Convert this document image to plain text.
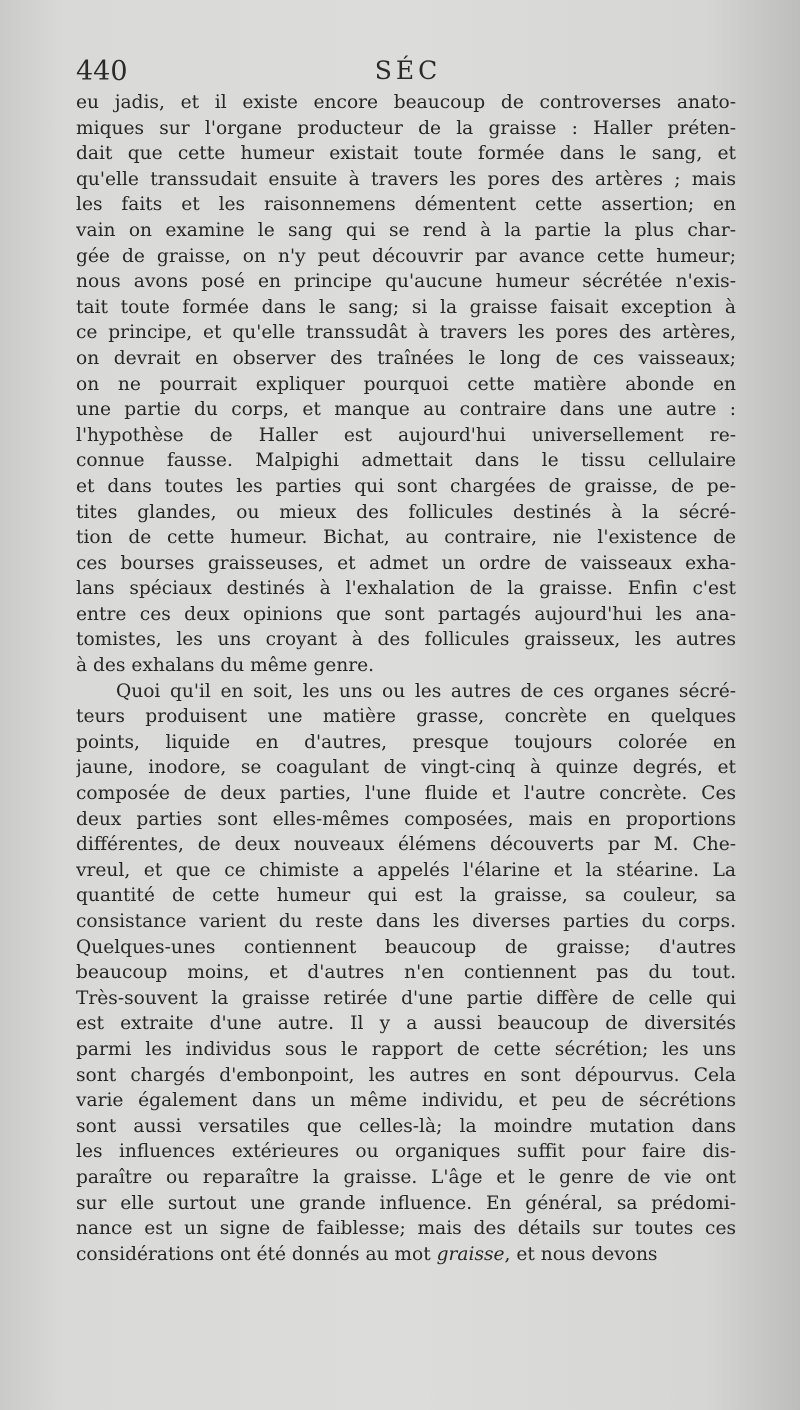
440	SÉC
eu jadis, et il existe encore beaucoup de controverses anato-
miques sur l'organe producteur de la graisse : Haller préten-
dait que cette humeur existait toute formée dans le sang, et
qu'elle transsudait ensuite à travers les pores des artères ; mais
les faits et les raisonnemens démentent cette assertion; en
vain on examine le sang qui se rend à la partie la plus char-
gée de graisse, on n'y peut découvrir par avance cette humeur;
nous avons posé en principe qu'aucune humeur sécrétée n'exis-
tait toute formée dans le sang; si la graisse faisait exception à
ce principe, et qu'elle transsudât à travers les pores des artères,
on devrait en observer des traînées le long de ces vaisseaux;
on ne pourrait expliquer pourquoi cette matière abonde en
une partie du corps, et manque au contraire dans une autre :
l'hypothèse de Haller est aujourd'hui universellement re-
connue fausse. Malpighi admettait dans le tissu cellulaire
et dans toutes les parties qui sont chargées de graisse, de pe-
tites glandes, ou mieux des follicules destinés à la sécré-
tion de cette humeur. Bichat, au contraire, nie l'existence de
ces bourses graisseuses, et admet un ordre de vaisseaux exha-
lans spéciaux destinés à l'exhalation de la graisse. Enfin c'est
entre ces deux opinions que sont partagés aujourd'hui les ana-
tomistes, les uns croyant à des follicules graisseux, les autres
à des exhalans du même genre.
Quoi qu'il en soit, les uns ou les autres de ces organes sécré-
teurs produisent une matière grasse, concrète en quelques
points, liquide en d'autres, presque toujours colorée en
jaune, inodore, se coagulant de vingt-cinq à quinze degrés, et
composée de deux parties, l'une fluide et l'autre concrète. Ces
deux parties sont elles-mêmes composées, mais en proportions
différentes, de deux nouveaux élémens découverts par M. Che-
vreul, et que ce chimiste a appelés l'élarine et la stéarine. La
quantité de cette humeur qui est la graisse, sa couleur, sa
consistance varient du reste dans les diverses parties du corps.
Quelques-unes contiennent beaucoup de graisse; d'autres
beaucoup moins, et d'autres n'en contiennent pas du tout.
Très-souvent la graisse retirée d'une partie diffère de celle qui
est extraite d'une autre. Il y a aussi beaucoup de diversités
parmi les individus sous le rapport de cette sécrétion; les uns
sont chargés d'embonpoint, les autres en sont dépourvus. Cela
varie également dans un même individu, et peu de sécrétions
sont aussi versatiles que celles-là; la moindre mutation dans
les influences extérieures ou organiques suffit pour faire dis-
paraître ou reparaître la graisse. L'âge et le genre de vie ont
sur elle surtout une grande influence. En général, sa prédomi-
nance est un signe de faiblesse; mais des détails sur toutes ces
considérations ont été donnés au mot graisse, et nous devons
